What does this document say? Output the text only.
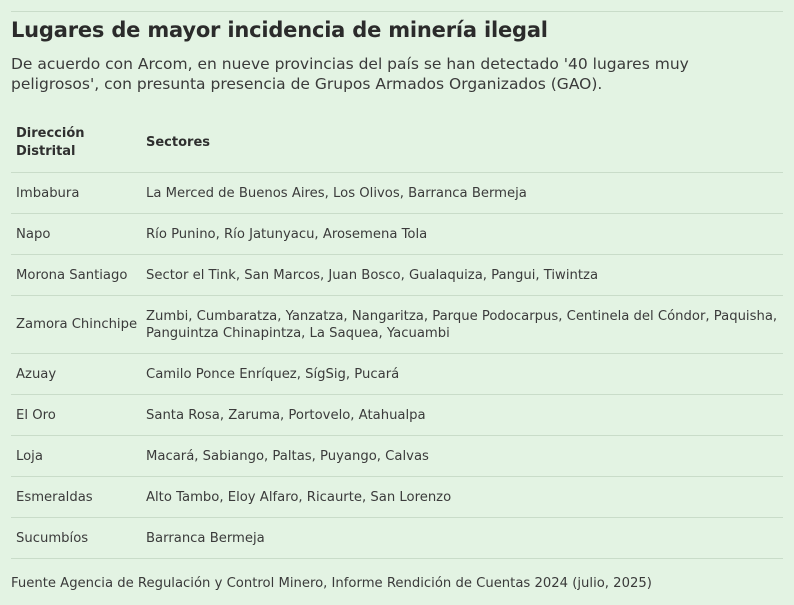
Lugares de mayor incidencia de minería ilegal
De acuerdo con Arcom, en nueve provincias del país se han detectado '40 lugares muy peligrosos', con presunta presencia de Grupos Armados Organizados (GAO).
Dirección Distrital	Sectores
Imbabura	La Merced de Buenos Aires, Los Olivos, Barranca Bermeja
Napo	Río Punino, Río Jatunyacu, Arosemena Tola
Morona Santiago	Sector el Tink, San Marcos, Juan Bosco, Gualaquiza, Pangui, Tiwintza
Zamora Chinchipe	Zumbi, Cumbaratza, Yanzatza, Nangaritza, Parque Podocarpus, Centinela del Cóndor, Paquisha, Panguintza Chinapintza, La Saquea, Yacuambi
Azuay	Camilo Ponce Enríquez, SígSig, Pucará
El Oro	Santa Rosa, Zaruma, Portovelo, Atahualpa
Loja	Macará, Sabiango, Paltas, Puyango, Calvas
Esmeraldas	Alto Tambo, Eloy Alfaro, Ricaurte, San Lorenzo
Sucumbíos	Barranca Bermeja
Fuente Agencia de Regulación y Control Minero, Informe Rendición de Cuentas 2024 (julio, 2025)
